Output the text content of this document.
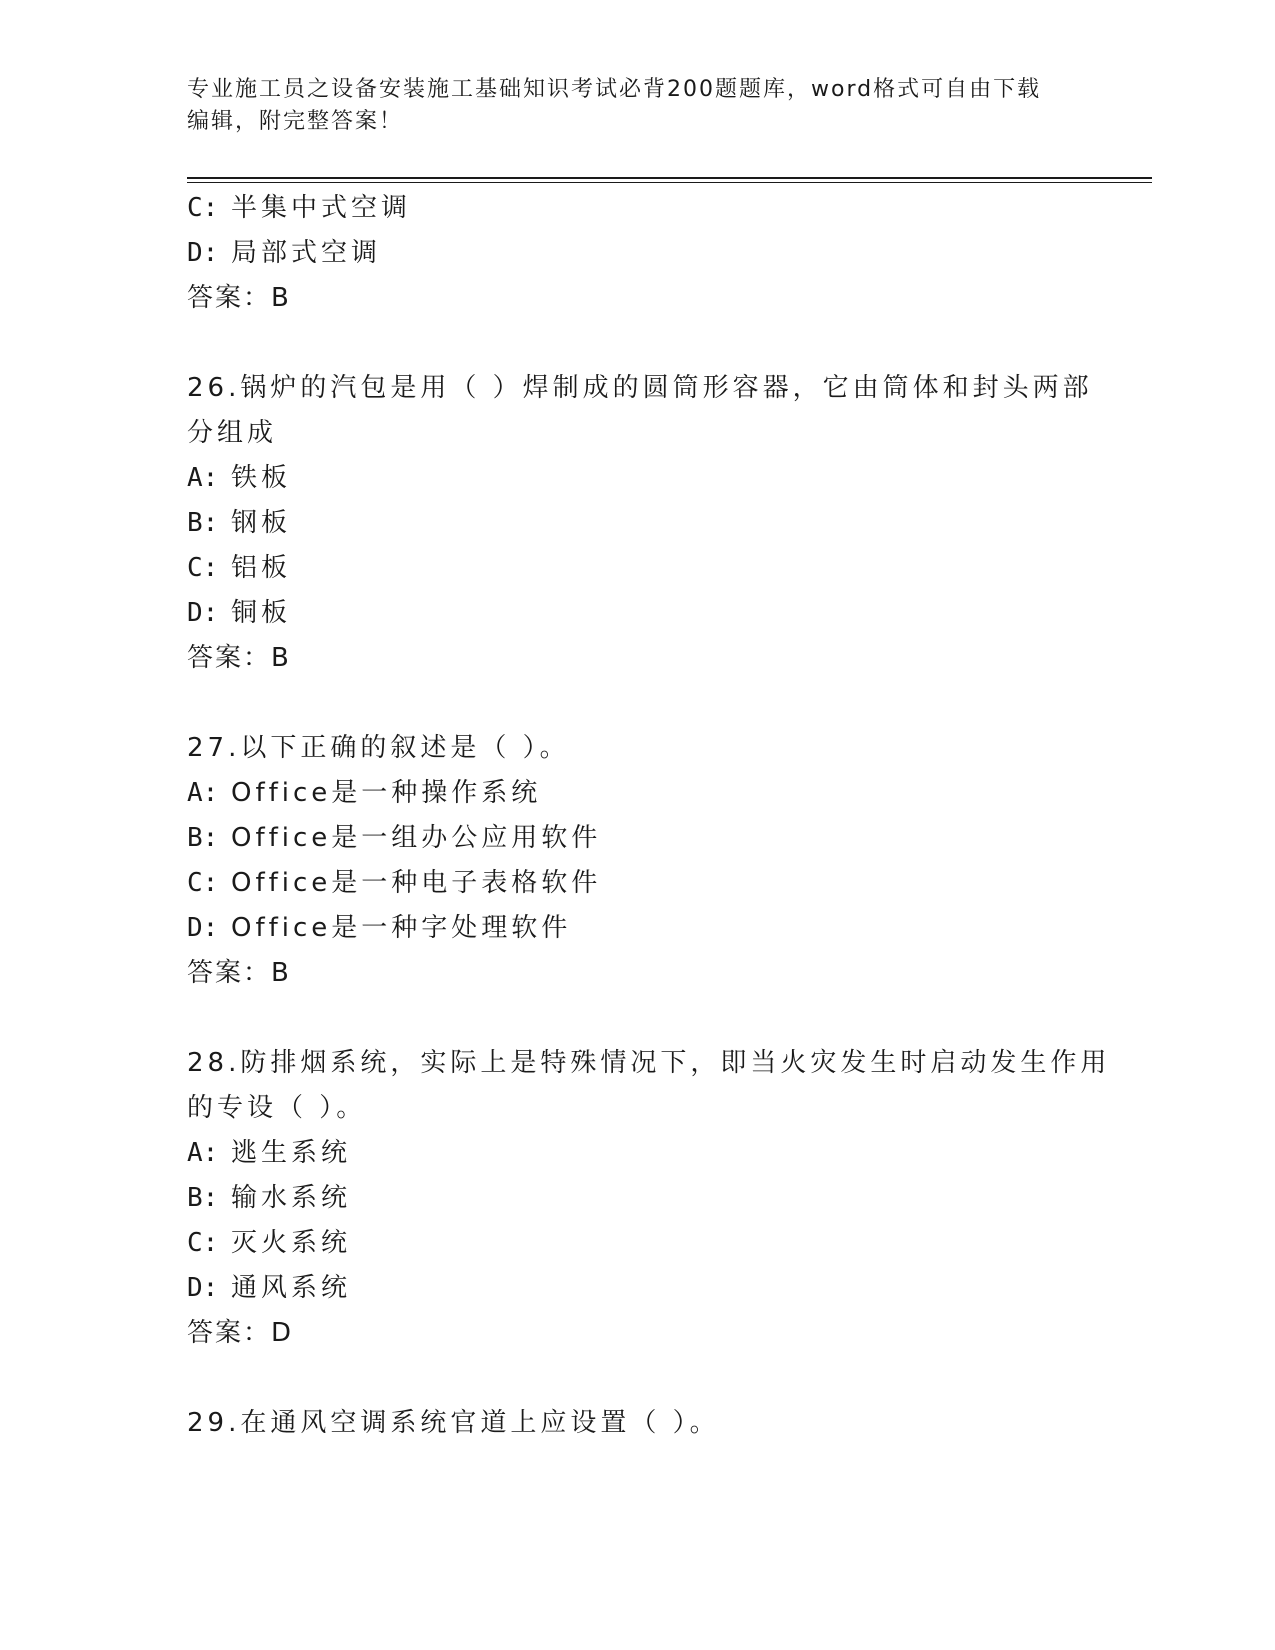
专业施工员之设备安装施工基础知识考试必背200题题库，word格式可自由下载
编辑，附完整答案！
C: 半集中式空调
D: 局部式空调
答案：B
26.锅炉的汽包是用（ ）焊制成的圆筒形容器，它由筒体和封头两部
分组成
A: 铁板
B: 钢板
C: 铝板
D: 铜板
答案：B
27.以下正确的叙述是（ ）。
A: Office是一种操作系统
B: Office是一组办公应用软件
C: Office是一种电子表格软件
D: Office是一种字处理软件
答案：B
28.防排烟系统，实际上是特殊情况下，即当火灾发生时启动发生作用
的专设（ ）。
A: 逃生系统
B: 输水系统
C: 灭火系统
D: 通风系统
答案：D
29.在通风空调系统官道上应设置（ ）。
